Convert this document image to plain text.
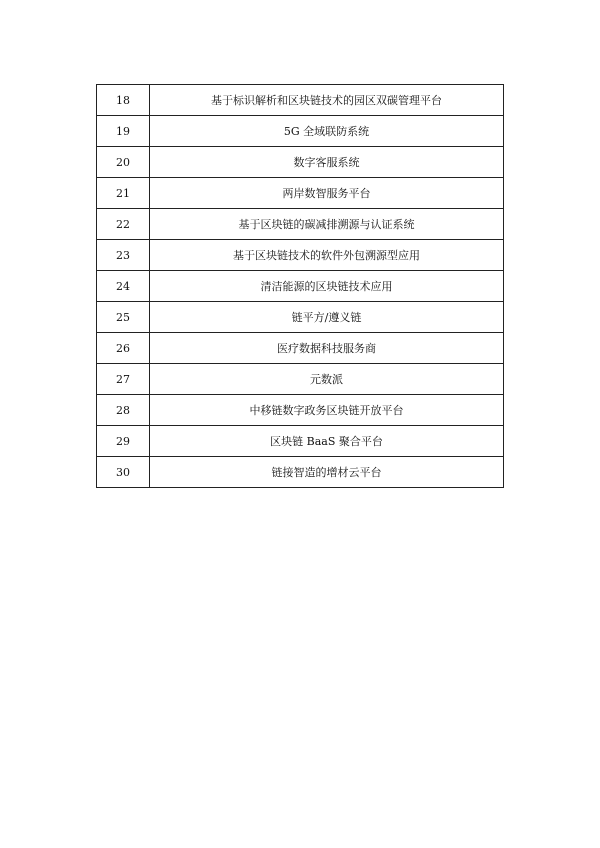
18	基于标识解析和区块链技术的园区双碳管理平台
19	5G 全域联防系统
20	数字客服系统
21	两岸数智服务平台
22	基于区块链的碳减排溯源与认证系统
23	基于区块链技术的软件外包溯源型应用
24	清洁能源的区块链技术应用
25	链平方/遵义链
26	医疗数据科技服务商
27	元数派
28	中移链数字政务区块链开放平台
29	区块链 BaaS 聚合平台
30	链接智造的增材云平台
